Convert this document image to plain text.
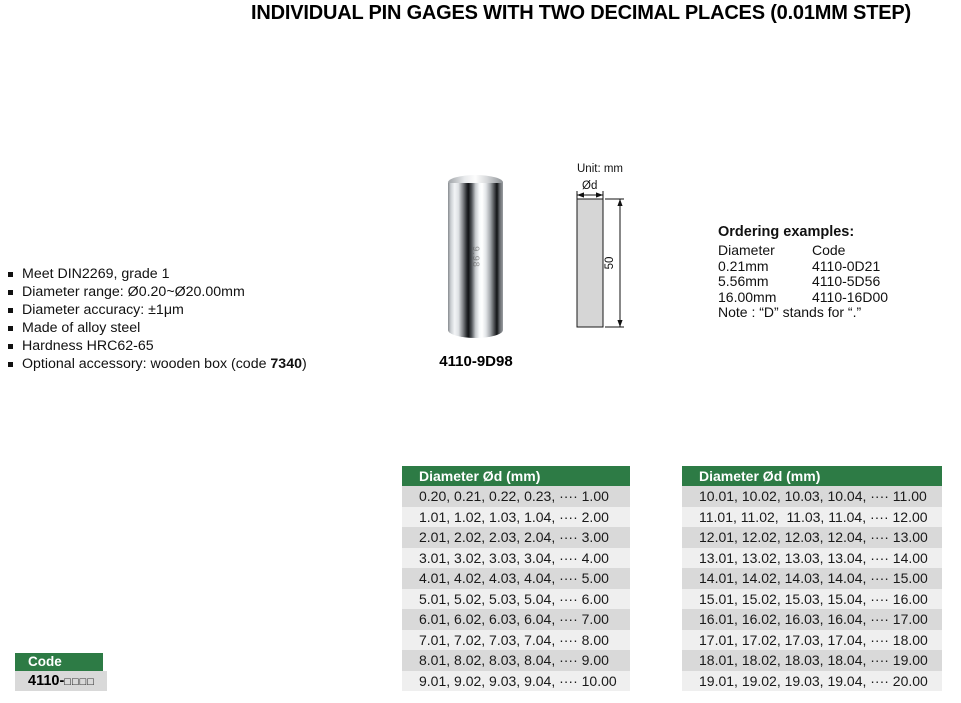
INDIVIDUAL PIN GAGES WITH TWO DECIMAL PLACES (0.01MM STEP)
Meet DIN2269, grade 1
Diameter range: Ø0.20~Ø20.00mm
Diameter accuracy: ±1μm
Made of alloy steel
Hardness HRC62-65
Optional accessory: wooden box (code 7340)
9.98
4110-9D98
Unit: mm
Ød
50

Ordering examples:

Diameter	Code
0.21mm	4110-0D21
5.56mm	4110-5D56
16.00mm	4110-16D00
Note : “D” stands for “.”
Diameter Ød (mm)
0.20, 0.21, 0.22, 0.23, ···· 1.00
1.01, 1.02, 1.03, 1.04, ···· 2.00
2.01, 2.02, 2.03, 2.04, ···· 3.00
3.01, 3.02, 3.03, 3.04, ···· 4.00
4.01, 4.02, 4.03, 4.04, ···· 5.00
5.01, 5.02, 5.03, 5.04, ···· 6.00
6.01, 6.02, 6.03, 6.04, ···· 7.00
7.01, 7.02, 7.03, 7.04, ···· 8.00
8.01, 8.02, 8.03, 8.04, ···· 9.00
9.01, 9.02, 9.03, 9.04, ···· 10.00
Diameter Ød (mm)
10.01, 10.02, 10.03, 10.04, ···· 11.00
11.01, 11.02,  11.03, 11.04, ···· 12.00
12.01, 12.02, 12.03, 12.04, ···· 13.00
13.01, 13.02, 13.03, 13.04, ···· 14.00
14.01, 14.02, 14.03, 14.04, ···· 15.00
15.01, 15.02, 15.03, 15.04, ···· 16.00
16.01, 16.02, 16.03, 16.04, ···· 17.00
17.01, 17.02, 17.03, 17.04, ···· 18.00
18.01, 18.02, 18.03, 18.04, ···· 19.00
19.01, 19.02, 19.03, 19.04, ···· 20.00
Code
4110-□□□□
